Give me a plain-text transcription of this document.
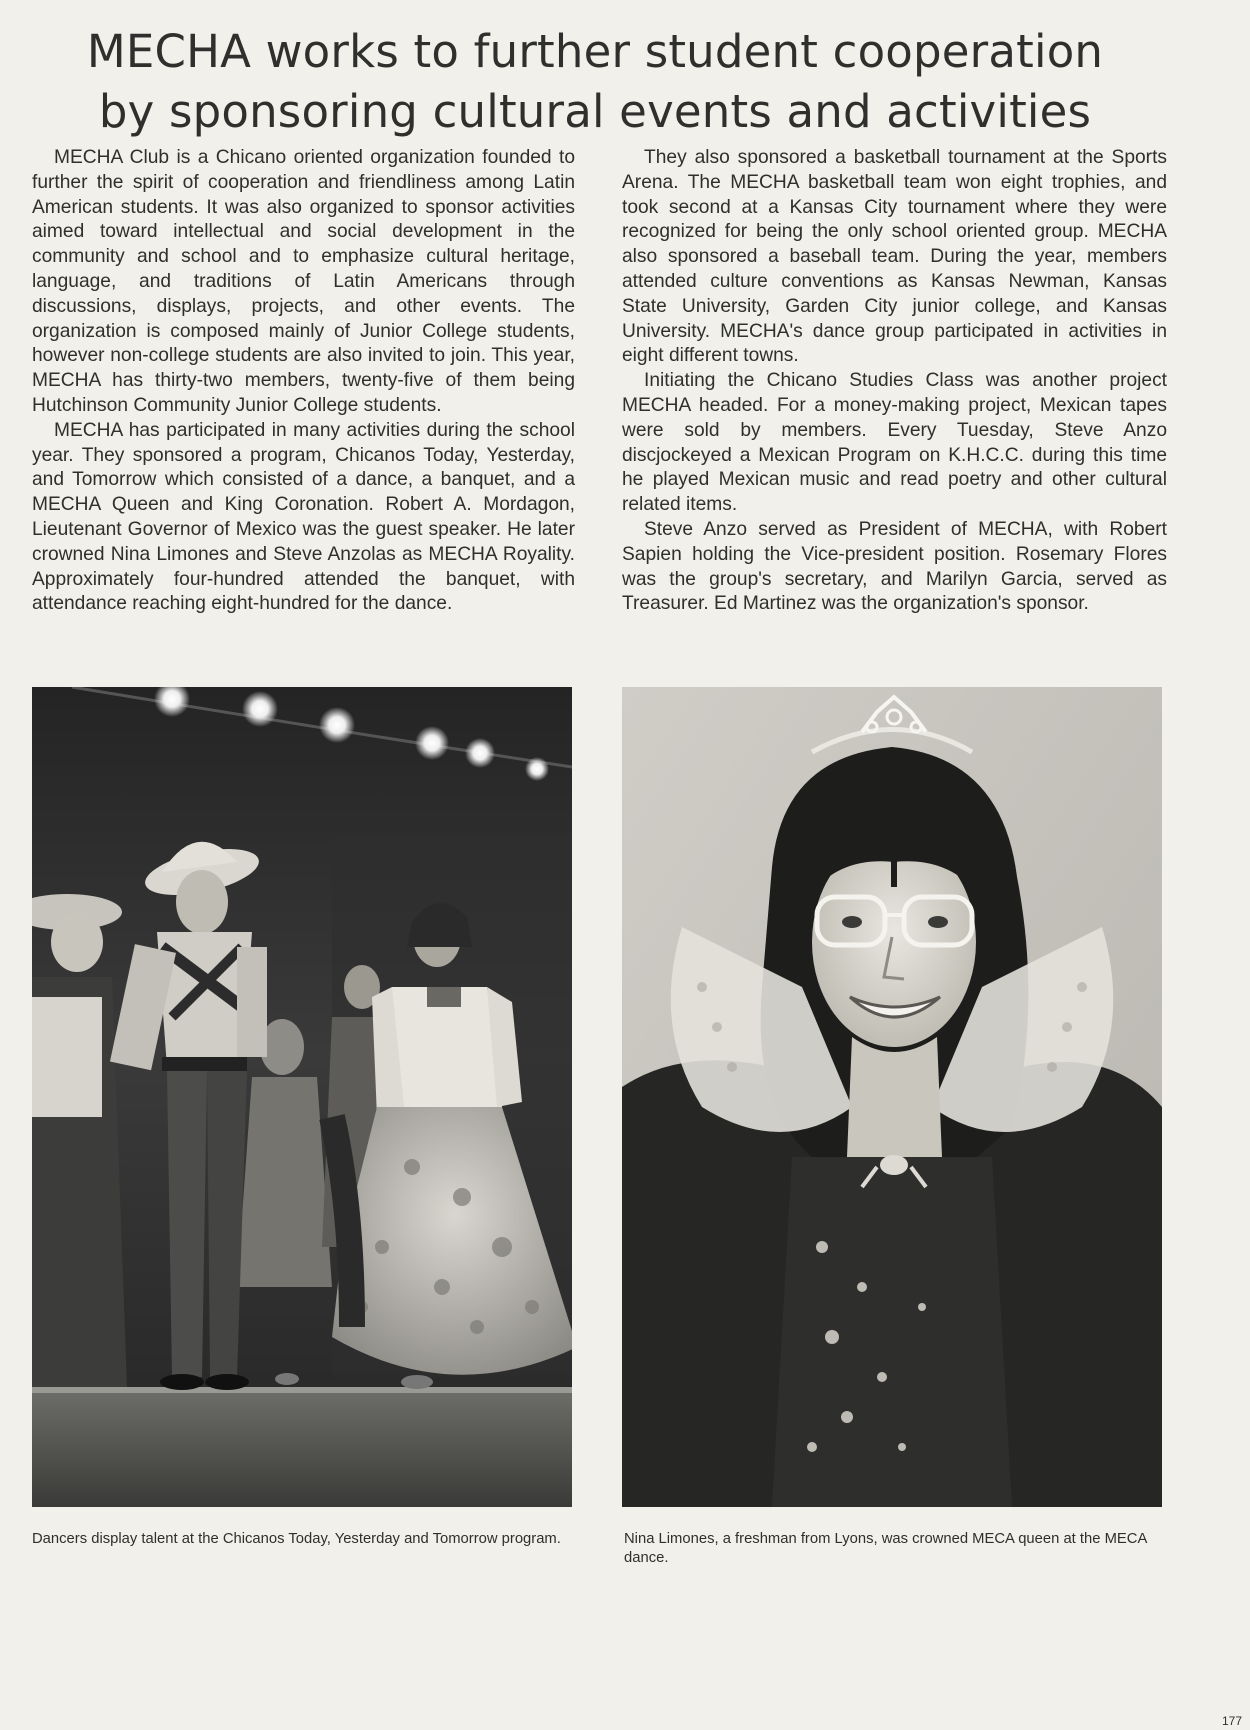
MECHA works to further student cooperation
by sponsoring cultural events and activities

MECHA Club is a Chicano oriented organization founded to further the spirit of cooperation and friendliness among Latin American students. It was also organized to sponsor activities aimed toward intellectual and social development in the community and school and to emphasize cultural heritage, language, and traditions of Latin Americans through discussions, displays, projects, and other events. The organization is composed mainly of Junior College students, however non-college students are also invited to join. This year, MECHA has thirty-two members, twenty-five of them being Hutchinson Community Junior College students.

MECHA has participated in many activities during the school year. They sponsored a program, Chicanos Today, Yesterday, and Tomorrow which consisted of a dance, a banquet, and a MECHA Queen and King Coronation. Robert A. Mordagon, Lieutenant Governor of Mexico was the guest speaker. He later crowned Nina Limones and Steve Anzolas as MECHA Royality. Approximately four-hundred attended the banquet, with attendance reaching eight-hundred for the dance.

They also sponsored a basketball tournament at the Sports Arena. The MECHA basketball team won eight trophies, and took second at a Kansas City tournament where they were recognized for being the only school oriented group. MECHA also sponsored a baseball team. During the year, members attended culture conventions as Kansas Newman, Kansas State University, Garden City junior college, and Kansas University. MECHA's dance group participated in activities in eight different towns.

Initiating the Chicano Studies Class was another project MECHA headed. For a money-making project, Mexican tapes were sold by members. Every Tuesday, Steve Anzo discjockeyed a Mexican Program on K.H.C.C. during this time he played Mexican music and read poetry and other cultural related items.

Steve Anzo served as President of MECHA, with Robert Sapien holding the Vice-president position. Rosemary Flores was the group's secretary, and Marilyn Garcia, served as Treasurer. Ed Martinez was the organization's sponsor.

Dancers display talent at the Chicanos Today, Yesterday and Tomorrow program.	Nina Limones, a freshman from Lyons, was crowned MECA queen at the MECA dance.
177
